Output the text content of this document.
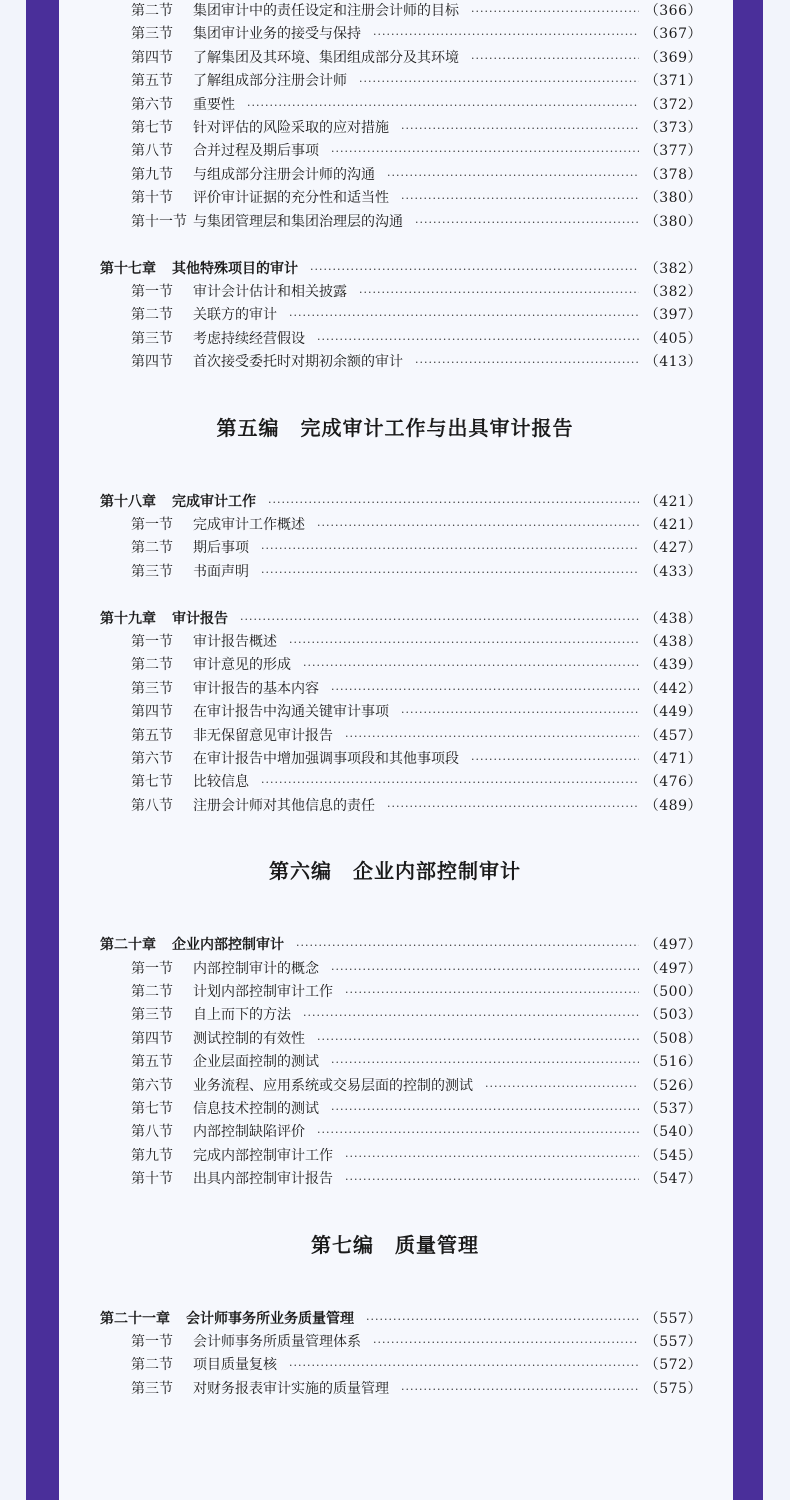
第二节	集团审计中的责任设定和注册会计师的目标 ·····	（366）
第三节	集团审计业务的接受与保持 ·····	（367）
第四节	了解集团及其环境、集团组成部分及其环境 ·····	（369）
第五节	了解组成部分注册会计师 ·····	（371）
第六节	重要性 ·····	（372）
第七节	针对评估的风险采取的应对措施 ·····	（373）
第八节	合并过程及期后事项 ·····	（377）
第九节	与组成部分注册会计师的沟通 ·····	（378）
第十节	评价审计证据的充分性和适当性 ·····	（380）
第十一节 与集团管理层和集团治理层的沟通 ·····	（380）
第十七章 其他特殊项目的审计 ·····	（382）
第一节	审计会计估计和相关披露 ·····	（382）
第二节	关联方的审计 ·····	（397）
第三节	考虑持续经营假设 ·····	（405）
第四节	首次接受委托时对期初余额的审计 ·····	（413）
第五编　完成审计工作与出具审计报告
第十八章 完成审计工作 ·····	（421）
第一节	完成审计工作概述 ·····	（421）
第二节	期后事项 ·····	（427）
第三节	书面声明 ·····	（433）
第十九章 审计报告 ·····	（438）
第一节	审计报告概述 ·····	（438）
第二节	审计意见的形成 ·····	（439）
第三节	审计报告的基本内容 ·····	（442）
第四节	在审计报告中沟通关键审计事项 ·····	（449）
第五节	非无保留意见审计报告 ·····	（457）
第六节	在审计报告中增加强调事项段和其他事项段 ·····	（471）
第七节	比较信息 ·····	（476）
第八节	注册会计师对其他信息的责任 ·····	（489）
第六编　企业内部控制审计
第二十章 企业内部控制审计 ·····	（497）
第一节	内部控制审计的概念 ·····	（497）
第二节	计划内部控制审计工作 ·····	（500）
第三节	自上而下的方法 ·····	（503）
第四节	测试控制的有效性 ·····	（508）
第五节	企业层面控制的测试 ·····	（516）
第六节	业务流程、应用系统或交易层面的控制的测试 ·····	（526）
第七节	信息技术控制的测试 ·····	（537）
第八节	内部控制缺陷评价 ·····	（540）
第九节	完成内部控制审计工作 ·····	（545）
第十节	出具内部控制审计报告 ·····	（547）
第七编　质量管理
第二十一章 会计师事务所业务质量管理 ·····	（557）
第一节	会计师事务所质量管理体系 ·····	（557）
第二节	项目质量复核 ·····	（572）
第三节	对财务报表审计实施的质量管理 ·····	（575）
